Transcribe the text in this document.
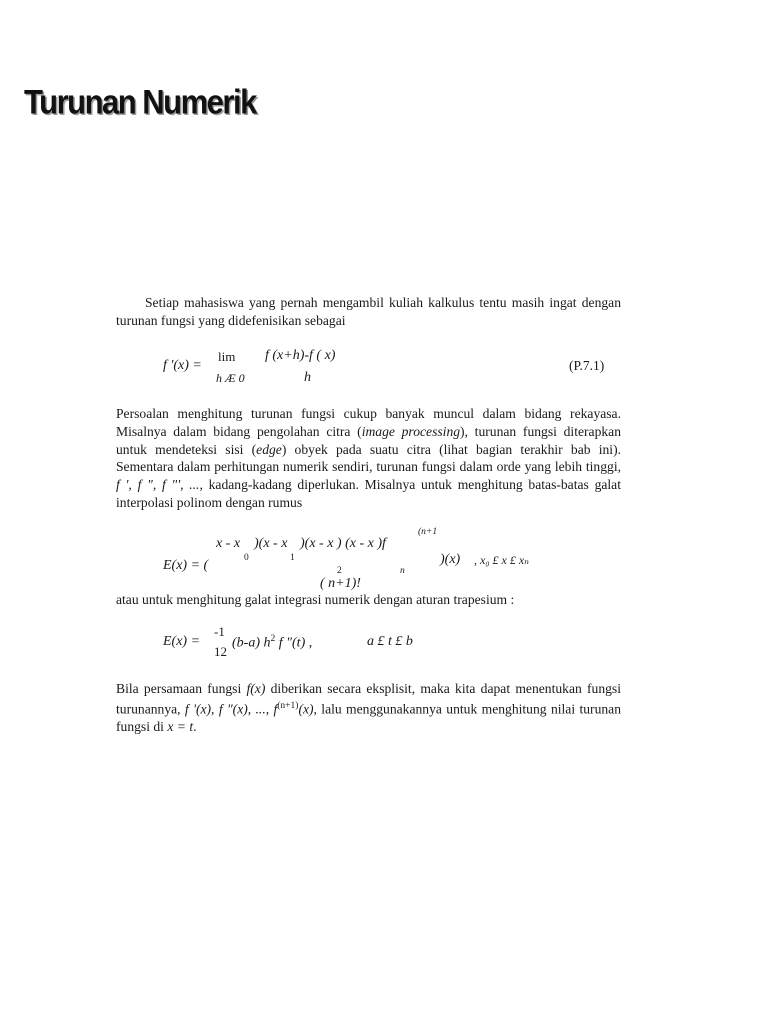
Turunan Numerik

Setiap mahasiswa yang pernah mengambil kuliah kalkulus tentu masih ingat dengan turunan fungsi yang didefenisikan sebagai

f '(x) =
lim
h Æ 0
f (x+h)-f ( x)
h
(P.7.1)

Persoalan menghitung turunan fungsi cukup banyak muncul dalam bidang rekayasa. Misalnya dalam bidang pengolahan citra (image processing), turunan fungsi diterapkan untuk mendeteksi sisi (edge) obyek pada suatu citra (lihat bagian terakhir bab ini). Sementara dalam perhitungan numerik sendiri, turunan fungsi dalam orde yang lebih tinggi, f ', f ", f "', ..., kadang-kadang diperlukan. Misalnya untuk menghitung batas-batas galat interpolasi polinom dengan rumus

x - x
0
)(x - x
1
)(x - x ) (x - x )f
(n+1
E(x) = (	2	n
)(x) , x₀ £ x £ xₙ
( n+1)!

atau untuk menghitung galat integrasi numerik dengan aturan trapesium :

E(x) =
-1
12
(b-a) $h^2$ f "(t) ,	a £ t £ b

Bila persamaan fungsi f(x) diberikan secara eksplisit, maka kita dapat menentukan fungsi turunannya, f '(x), f "(x), ..., $f^{(n+1)}(x)$, lalu menggunakannya untuk menghitung nilai turunan fungsi di x = t.
